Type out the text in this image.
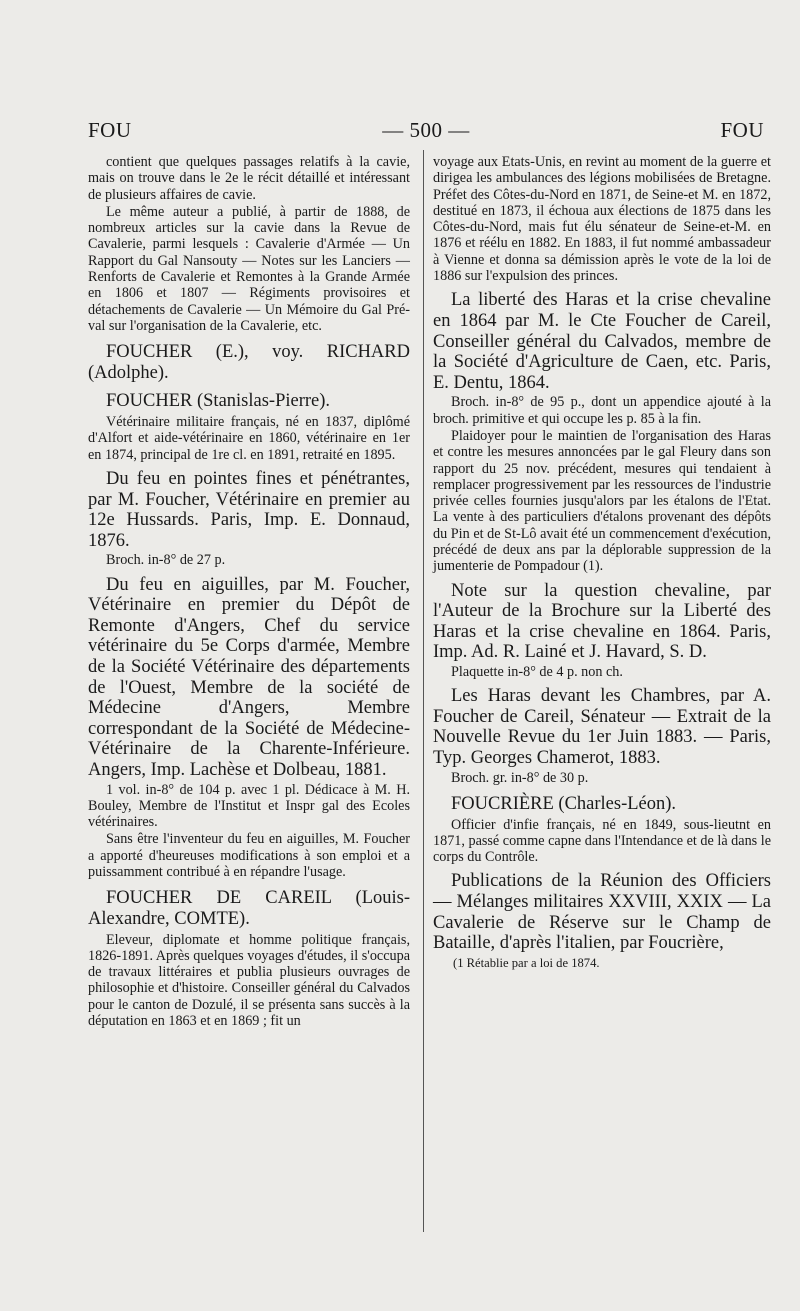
FOU	— 500 —	FOU

contient que quelques passages relatifs à la cavie, mais on trouve dans le 2e le récit détaillé et intéressant de plusieurs affaires de cavie.

Le même auteur a publié, à partir de 1888, de nombreux articles sur la cavie dans la Revue de Cavalerie, parmi lesquels : Cavalerie d'Armée — Un Rapport du Gal Nansouty — Notes sur les Lanciers — Renforts de Cavalerie et Remontes à la Grande Armée en 1806 et 1807 — Régiments provisoires et détachements de Cavalerie — Un Mémoire du Gal Pré-val sur l'organisation de la Cavalerie, etc.

FOUCHER (E.), voy. RICHARD (Adolphe).

FOUCHER (Stanislas-Pierre).

Vétérinaire militaire français, né en 1837, diplômé d'Alfort et aide-vétérinaire en 1860, vétérinaire en 1er en 1874, principal de 1re cl. en 1891, retraité en 1895.

Du feu en pointes fines et pénétrantes, par M. Foucher, Vétérinaire en premier au 12e Hussards. Paris, Imp. E. Donnaud, 1876.

Broch. in-8° de 27 p.

Du feu en aiguilles, par M. Foucher, Vétérinaire en premier du Dépôt de Remonte d'Angers, Chef du service vétérinaire du 5e Corps d'armée, Membre de la Société Vétérinaire des départements de l'Ouest, Membre de la société de Médecine d'Angers, Membre correspondant de la Société de Médecine-Vétérinaire de la Charente-Inférieure. Angers, Imp. Lachèse et Dolbeau, 1881.

1 vol. in-8° de 104 p. avec 1 pl. Dédicace à M. H. Bouley, Membre de l'Institut et Inspr gal des Ecoles vétérinaires.

Sans être l'inventeur du feu en aiguilles, M. Foucher a apporté d'heureuses modifications à son emploi et a puissamment contribué à en répandre l'usage.

FOUCHER DE CAREIL (Louis-Alexandre, COMTE).

Eleveur, diplomate et homme politique français, 1826-1891. Après quelques voyages d'études, il s'occupa de travaux littéraires et publia plusieurs ouvrages de philosophie et d'histoire. Conseiller général du Calvados pour le canton de Dozulé, il se présenta sans succès à la députation en 1863 et en 1869 ; fit un

voyage aux Etats-Unis, en revint au moment de la guerre et dirigea les ambulances des légions mobilisées de Bretagne. Préfet des Côtes-du-Nord en 1871, de Seine-et M. en 1872, destitué en 1873, il échoua aux élections de 1875 dans les Côtes-du-Nord, mais fut élu sénateur de Seine-et-M. en 1876 et réélu en 1882. En 1883, il fut nommé ambassadeur à Vienne et donna sa démission après le vote de la loi de 1886 sur l'expulsion des princes.

La liberté des Haras et la crise chevaline en 1864 par M. le Cte Foucher de Careil, Conseiller général du Calvados, membre de la Société d'Agriculture de Caen, etc. Paris, E. Dentu, 1864.

Broch. in-8° de 95 p., dont un appendice ajouté à la broch. primitive et qui occupe les p. 85 à la fin.

Plaidoyer pour le maintien de l'organisation des Haras et contre les mesures annoncées par le gal Fleury dans son rapport du 25 nov. précédent, mesures qui tendaient à remplacer progressivement par les ressources de l'industrie privée celles fournies jusqu'alors par les étalons de l'Etat. La vente à des particuliers d'étalons provenant des dépôts du Pin et de St-Lô avait été un commencement d'exécution, précédé de deux ans par la déplorable suppression de la jumenterie de Pompadour (1).

Note sur la question chevaline, par l'Auteur de la Brochure sur la Liberté des Haras et la crise chevaline en 1864. Paris, Imp. Ad. R. Lainé et J. Havard, S. D.

Plaquette in-8° de 4 p. non ch.

Les Haras devant les Chambres, par A. Foucher de Careil, Sénateur — Extrait de la Nouvelle Revue du 1er Juin 1883. — Paris, Typ. Georges Chamerot, 1883.

Broch. gr. in-8° de 30 p.

FOUCRIÈRE (Charles-Léon).

Officier d'infie français, né en 1849, sous-lieutnt en 1871, passé comme capne dans l'Intendance et de là dans le corps du Contrôle.

Publications de la Réunion des Officiers — Mélanges militaires XXVIII, XXIX — La Cavalerie de Réserve sur le Champ de Bataille, d'après l'italien, par Foucrière,

(1 Rétablie par a loi de 1874.
